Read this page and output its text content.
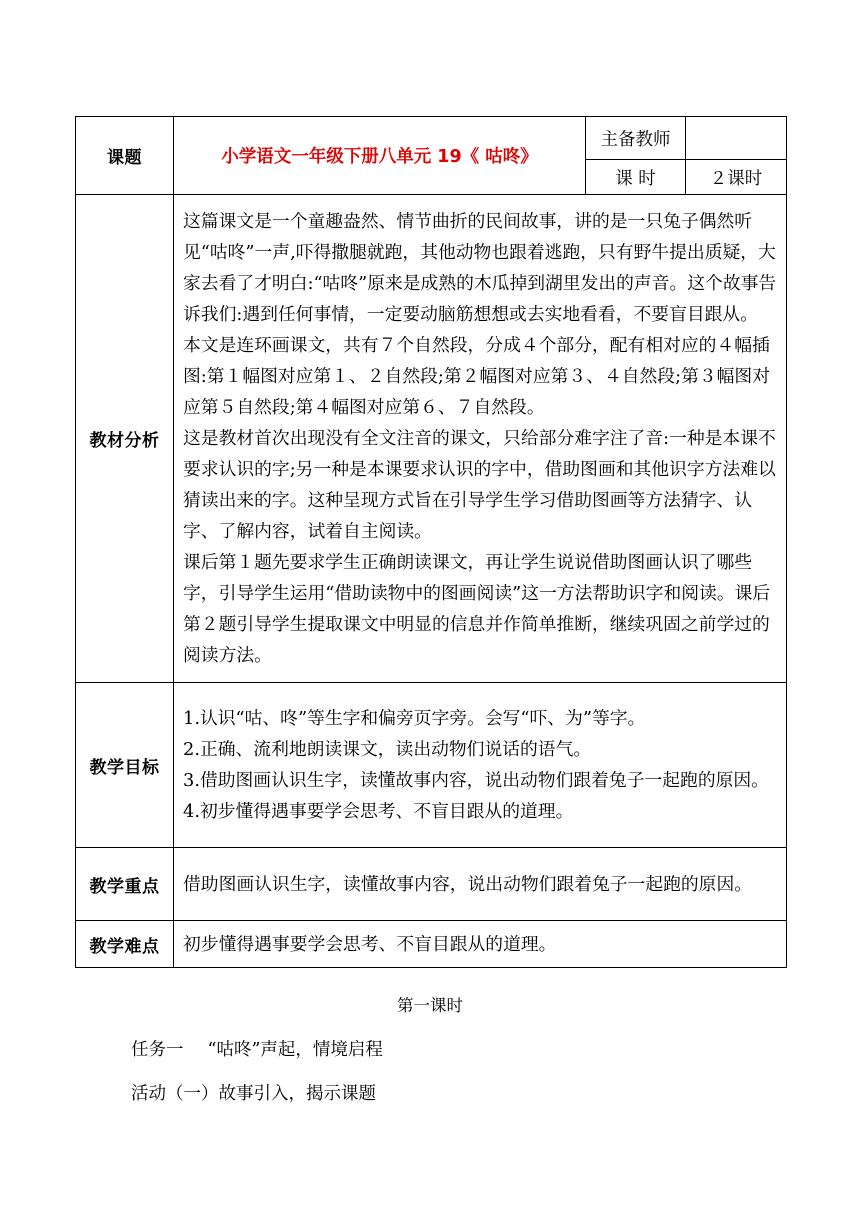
课题	小学语文一年级下册八单元 19《 咕咚》	主备教师	
		课 时	２课时
教材分析	这篇课文是一个童趣盎然、情节曲折的民间故事，讲的是一只兔子偶然听见“咕咚”一声,吓得撒腿就跑，其他动物也跟着逃跑，只有野牛提出质疑，大家去看了才明白:“咕咚”原来是成熟的木瓜掉到湖里发出的声音。这个故事告诉我们:遇到任何事情，一定要动脑筋想想或去实地看看，不要盲目跟从。

本文是连环画课文，共有７个自然段，分成４个部分，配有相对应的４幅插图:第１幅图对应第１、２自然段;第２幅图对应第３、４自然段;第３幅图对应第５自然段;第４幅图对应第６、７自然段。

这是教材首次出现没有全文注音的课文，只给部分难字注了音:一种是本课不要求认识的字;另一种是本课要求认识的字中，借助图画和其他识字方法难以猜读出来的字。这种呈现方式旨在引导学生学习借助图画等方法猜字、认字、了解内容，试着自主阅读。

课后第１题先要求学生正确朗读课文，再让学生说说借助图画认识了哪些字，引导学生运用“借助读物中的图画阅读”这一方法帮助识字和阅读。课后第２题引导学生提取课文中明显的信息并作简单推断，继续巩固之前学过的阅读方法。		

教学目标	1.认识“咕、咚”等生字和偏旁页字旁。会写“吓、为”等字。

2.正确、流利地朗读课文，读出动物们说话的语气。

3.借助图画认识生字，读懂故事内容，说出动物们跟着兔子一起跑的原因。

4.初步懂得遇事要学会思考、不盲目跟从的道理。		

教学重点	借助图画认识生字，读懂故事内容，说出动物们跟着兔子一起跑的原因。		
教学难点	初步懂得遇事要学会思考、不盲目跟从的道理。		
第一课时
任务一 “咕咚”声起，情境启程
活动（一）故事引入，揭示课题
